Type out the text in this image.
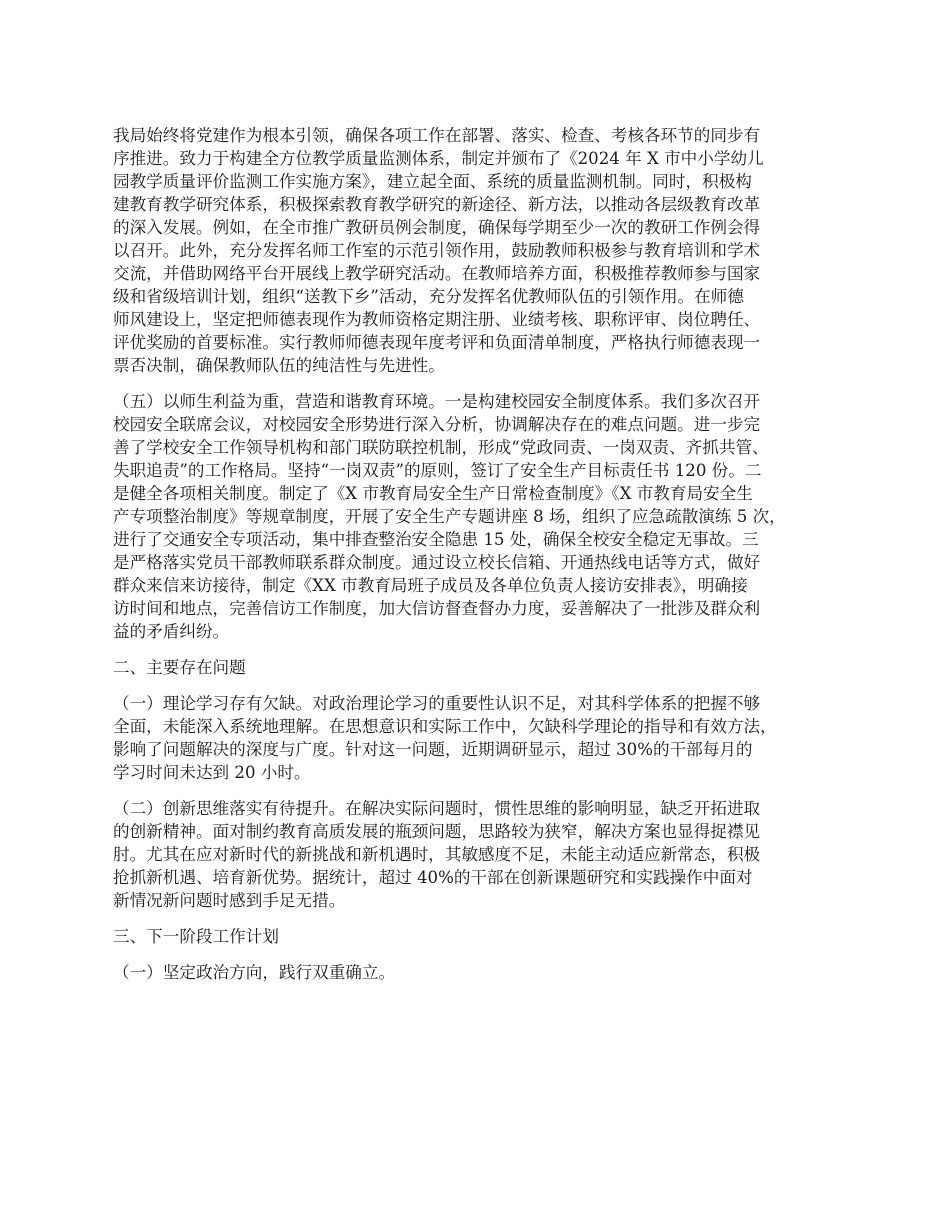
我局始终将党建作为根本引领，确保各项工作在部署、落实、检查、考核各环节的同步有
序推进。致力于构建全方位教学质量监测体系，制定并颁布了《2024 年 X 市中小学幼儿
园教学质量评价监测工作实施方案》，建立起全面、系统的质量监测机制。同时，积极构
建教育教学研究体系，积极探索教育教学研究的新途径、新方法，以推动各层级教育改革
的深入发展。例如，在全市推广教研员例会制度，确保每学期至少一次的教研工作例会得
以召开。此外，充分发挥名师工作室的示范引领作用，鼓励教师积极参与教育培训和学术
交流，并借助网络平台开展线上教学研究活动。在教师培养方面，积极推荐教师参与国家
级和省级培训计划，组织“送教下乡”活动，充分发挥名优教师队伍的引领作用。在师德
师风建设上，坚定把师德表现作为教师资格定期注册、业绩考核、职称评审、岗位聘任、
评优奖励的首要标准。实行教师师德表现年度考评和负面清单制度，严格执行师德表现一
票否决制，确保教师队伍的纯洁性与先进性。
（五）以师生利益为重，营造和谐教育环境。一是构建校园安全制度体系。我们多次召开
校园安全联席会议，对校园安全形势进行深入分析，协调解决存在的难点问题。进一步完
善了学校安全工作领导机构和部门联防联控机制，形成“党政同责、一岗双责、齐抓共管、
失职追责”的工作格局。坚持“一岗双责”的原则，签订了安全生产目标责任书 120 份。二
是健全各项相关制度。制定了《X 市教育局安全生产日常检查制度》《X 市教育局安全生
产专项整治制度》等规章制度，开展了安全生产专题讲座 8 场，组织了应急疏散演练 5 次，
进行了交通安全专项活动，集中排查整治安全隐患 15 处，确保全校安全稳定无事故。三
是严格落实党员干部教师联系群众制度。通过设立校长信箱、开通热线电话等方式，做好
群众来信来访接待，制定《XX 市教育局班子成员及各单位负责人接访安排表》，明确接
访时间和地点，完善信访工作制度，加大信访督查督办力度，妥善解决了一批涉及群众利
益的矛盾纠纷。
二、主要存在问题
（一）理论学习存有欠缺。对政治理论学习的重要性认识不足，对其科学体系的把握不够
全面，未能深入系统地理解。在思想意识和实际工作中，欠缺科学理论的指导和有效方法，
影响了问题解决的深度与广度。针对这一问题，近期调研显示，超过 30%的干部每月的
学习时间未达到 20 小时。
（二）创新思维落实有待提升。在解决实际问题时，惯性思维的影响明显，缺乏开拓进取
的创新精神。面对制约教育高质发展的瓶颈问题，思路较为狭窄，解决方案也显得捉襟见
肘。尤其在应对新时代的新挑战和新机遇时，其敏感度不足，未能主动适应新常态，积极
抢抓新机遇、培育新优势。据统计，超过 40%的干部在创新课题研究和实践操作中面对
新情况新问题时感到手足无措。
三、下一阶段工作计划
（一）坚定政治方向，践行双重确立。
